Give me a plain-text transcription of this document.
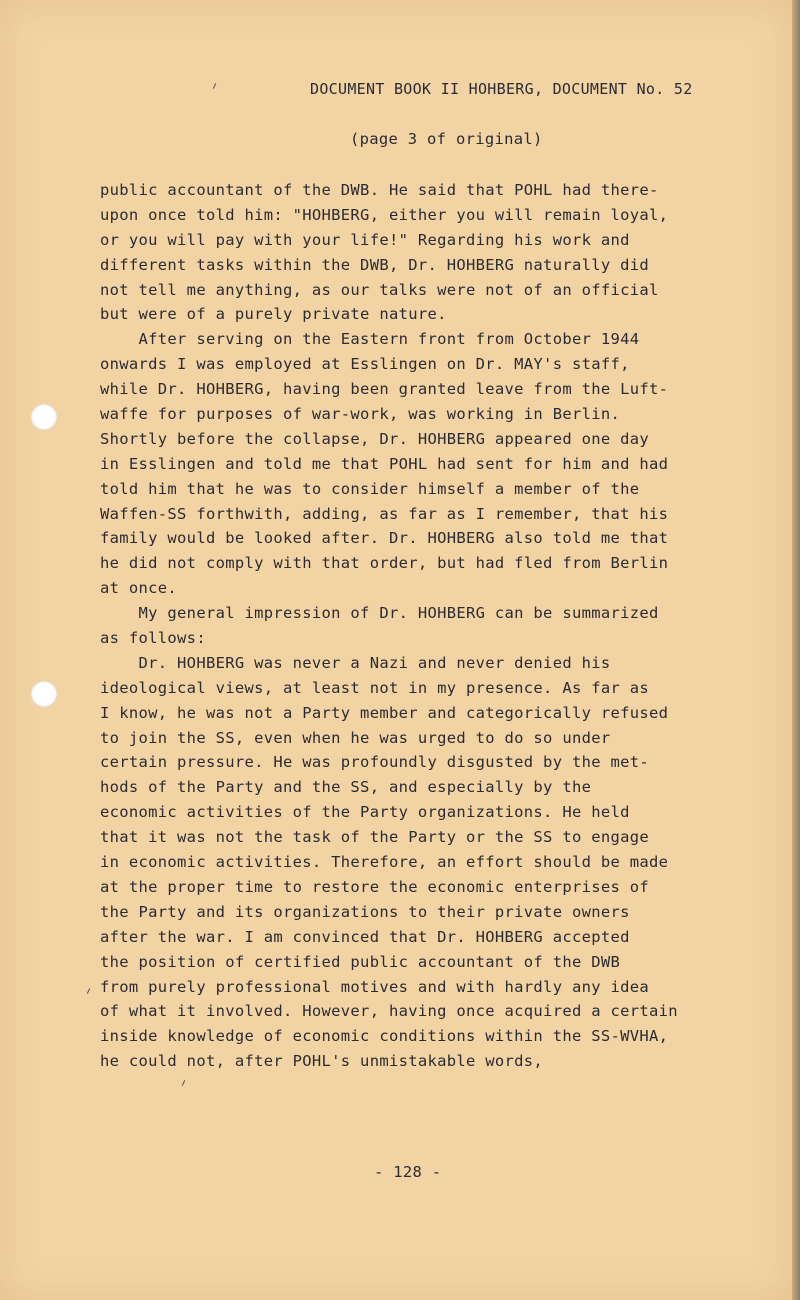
DOCUMENT BOOK II HOHBERG, DOCUMENT No. 52
(page 3 of original)
public accountant of the DWB. He said that POHL had there-
upon once told him: "HOHBERG, either you will remain loyal,
or you will pay with your life!" Regarding his work and
different tasks within the DWB, Dr. HOHBERG naturally did
not tell me anything, as our talks were not of an official
but were of a purely private nature.
After serving on the Eastern front from October 1944
onwards I was employed at Esslingen on Dr. MAY's staff,
while Dr. HOHBERG, having been granted leave from the Luft-
waffe for purposes of war-work, was working in Berlin.
Shortly before the collapse, Dr. HOHBERG appeared one day
in Esslingen and told me that POHL had sent for him and had
told him that he was to consider himself a member of the
Waffen-SS forthwith, adding, as far as I remember, that his
family would be looked after. Dr. HOHBERG also told me that
he did not comply with that order, but had fled from Berlin
at once.
My general impression of Dr. HOHBERG can be summarized
as follows:
Dr. HOHBERG was never a Nazi and never denied his
ideological views, at least not in my presence. As far as
I know, he was not a Party member and categorically refused
to join the SS, even when he was urged to do so under
certain pressure. He was profoundly disgusted by the met-
hods of the Party and the SS, and especially by the
economic activities of the Party organizations. He held
that it was not the task of the Party or the SS to engage
in economic activities. Therefore, an effort should be made
at the proper time to restore the economic enterprises of
the Party and its organizations to their private owners
after the war. I am convinced that Dr. HOHBERG accepted
the position of certified public accountant of the DWB
from purely professional motives and with hardly any idea
of what it involved. However, having once acquired a certain
inside knowledge of economic conditions within the SS-WVHA,
he could not, after POHL's unmistakable words,
- 128 -
